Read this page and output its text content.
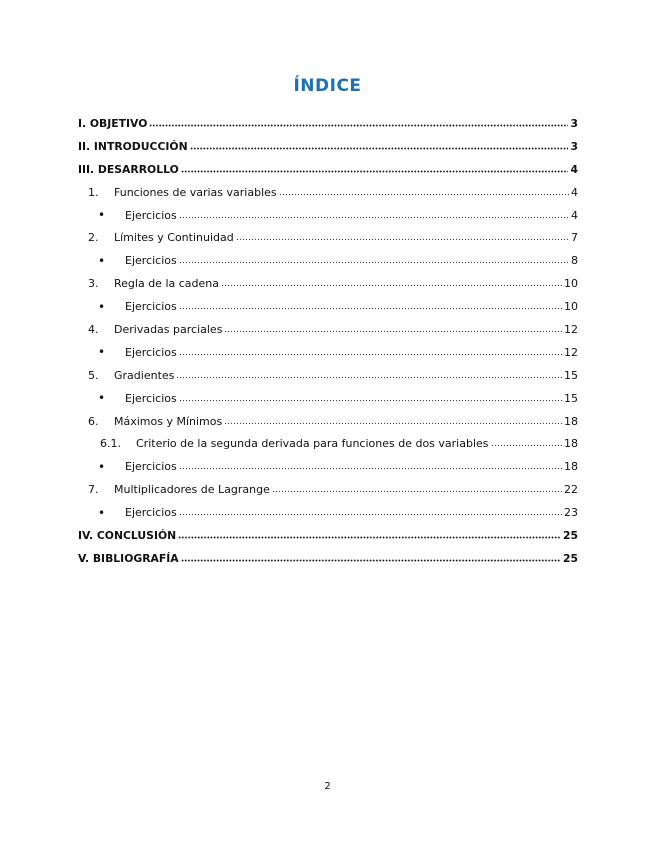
ÍNDICE
I. OBJETIVO	3
II. INTRODUCCIÓN	3
III. DESARROLLO	4
1.	Funciones de varias variables	4
•	Ejercicios	4
2.	Límites y Continuidad	7
•	Ejercicios	8
3.	Regla de la cadena	10
•	Ejercicios	10
4.	Derivadas parciales	12
•	Ejercicios	12
5.	Gradientes	15
•	Ejercicios	15
6.	Máximos y Mínimos	18
6.1.	Criterio de la segunda derivada para funciones de dos variables	18
•	Ejercicios	18
7.	Multiplicadores de Lagrange	22
•	Ejercicios	23
IV. CONCLUSIÓN	25
V. BIBLIOGRAFÍA	25
2
